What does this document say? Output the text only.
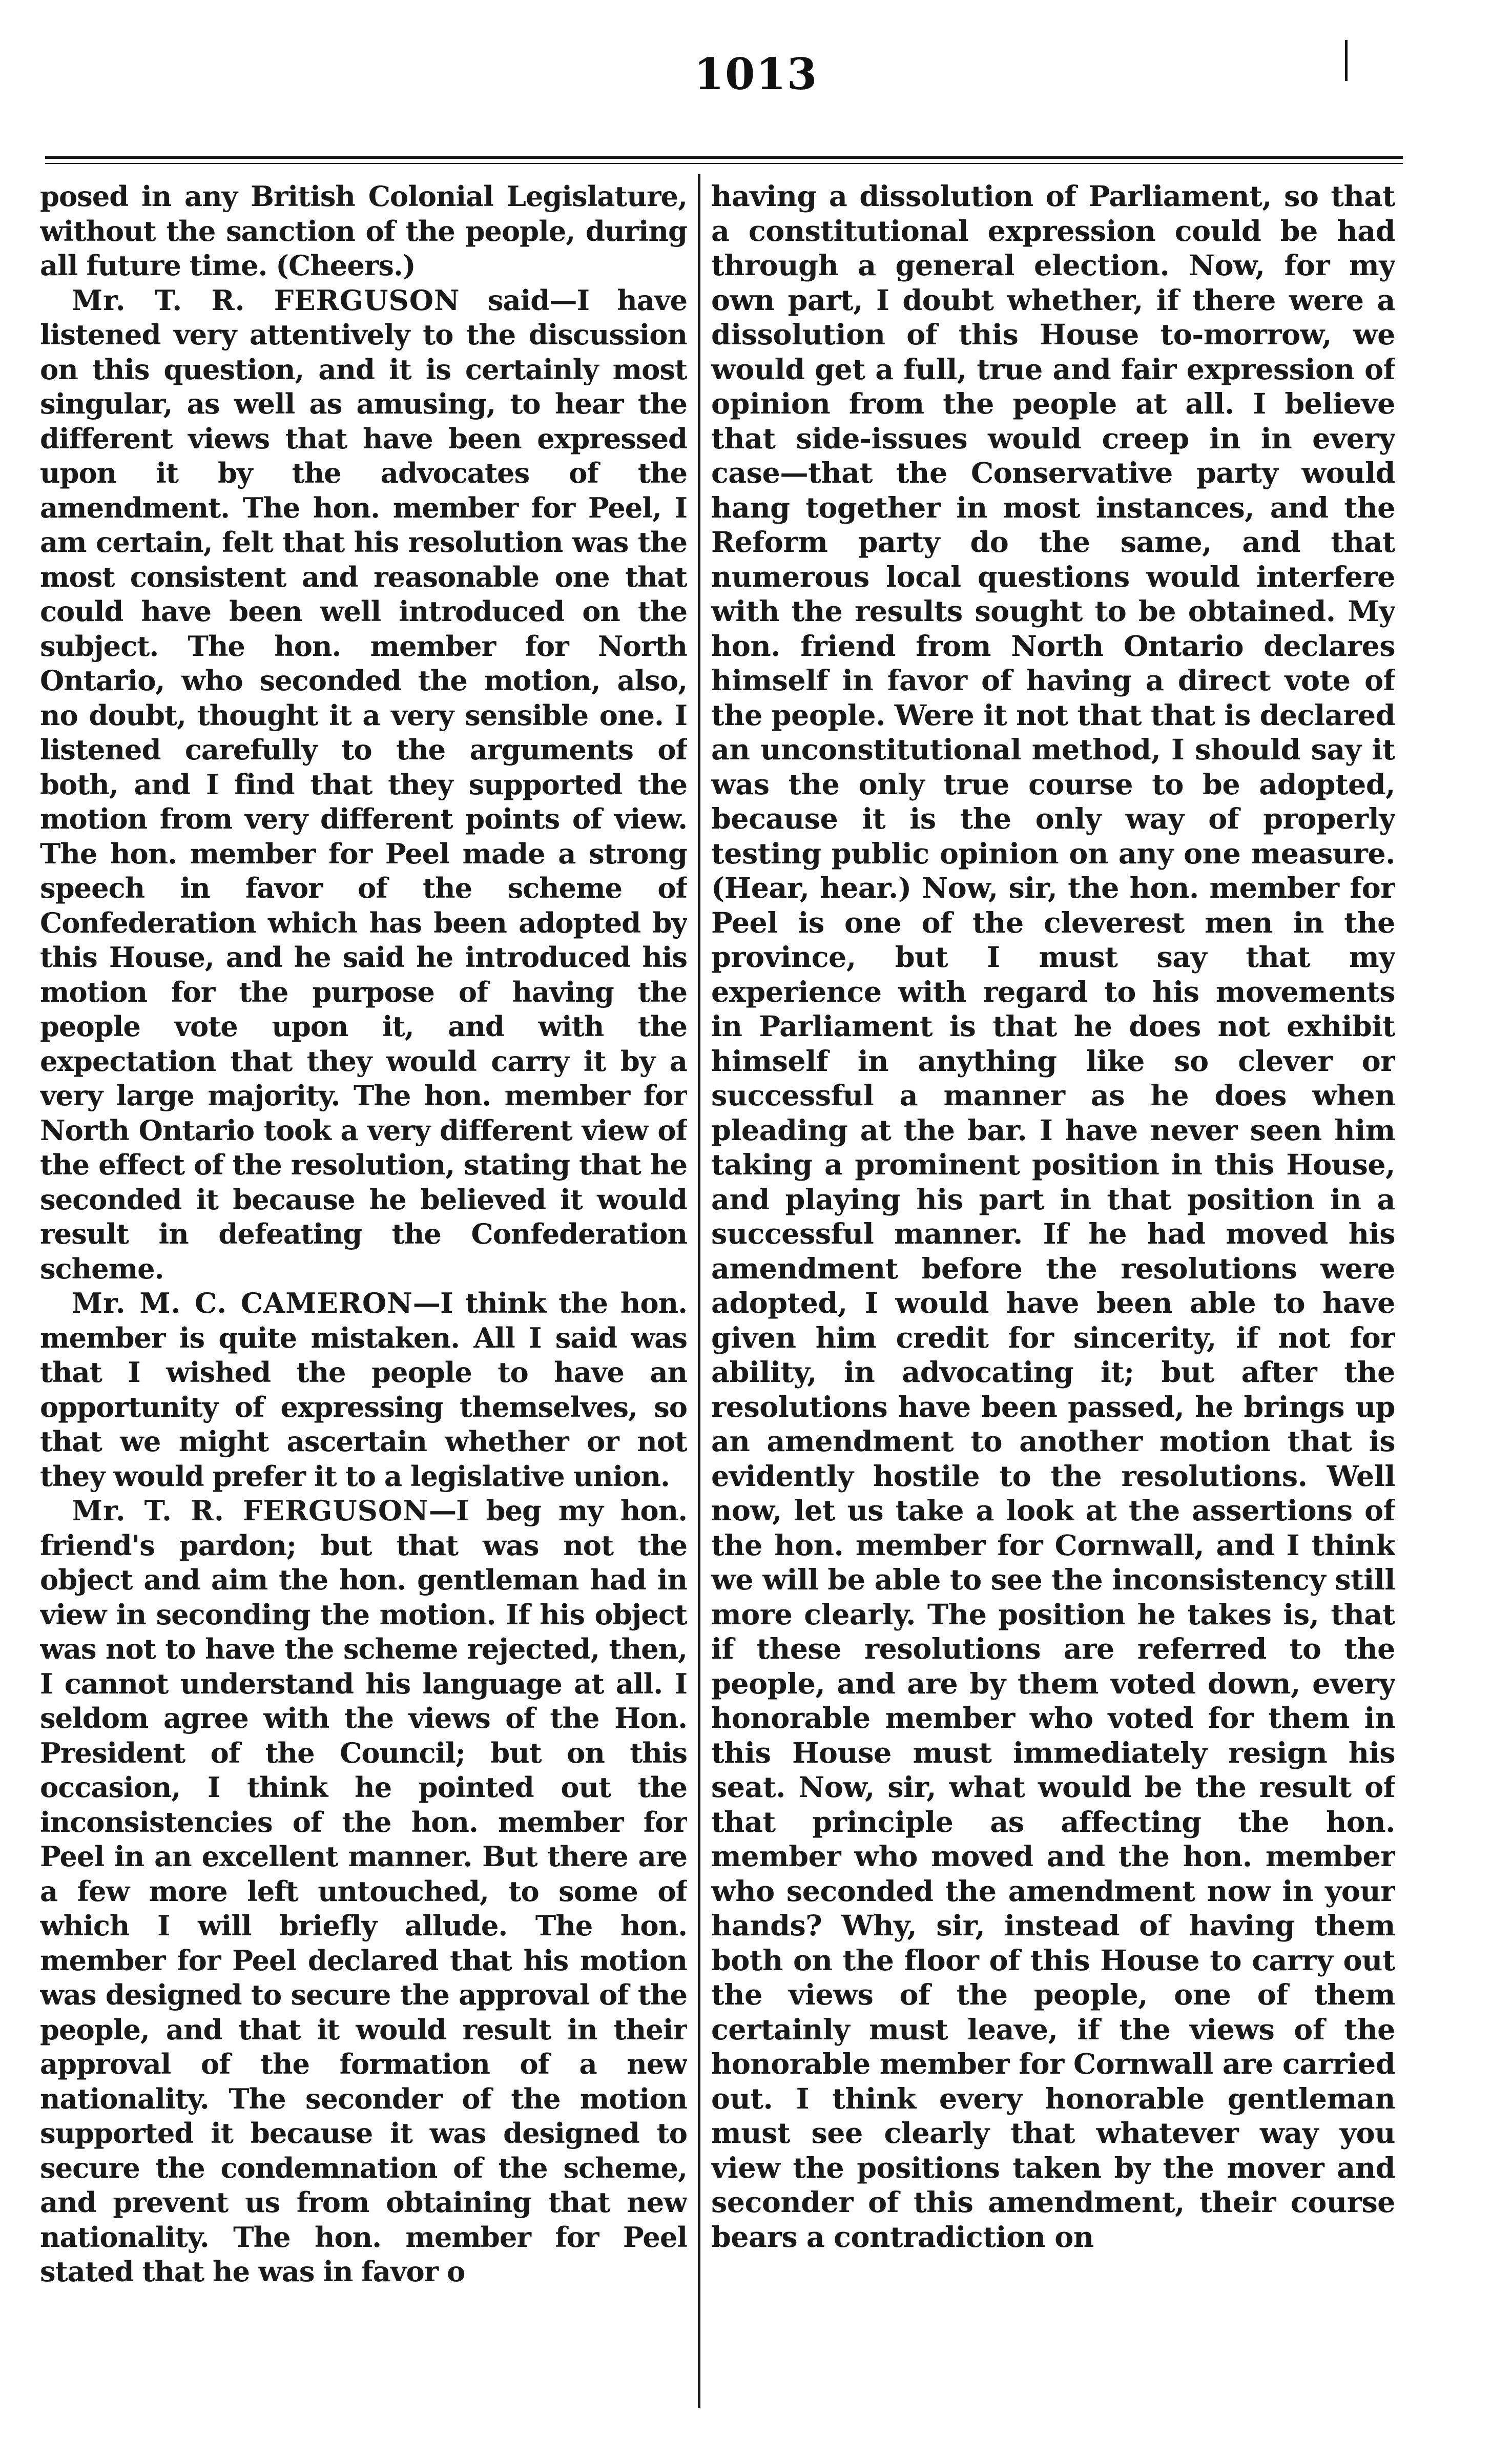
1013

posed in any British Colonial Legislature, without the sanction of the people, during all future time. (Cheers.)

Mr. T. R. FERGUSON said—I have listened very attentively to the discussion on this question, and it is certainly most singular, as well as amusing, to hear the different views that have been expressed upon it by the advocates of the amendment. The hon. member for Peel, I am certain, felt that his resolution was the most consistent and reasonable one that could have been well introduced on the subject. The hon. member for North Ontario, who seconded the motion, also, no doubt, thought it a very sensible one. I listened carefully to the arguments of both, and I find that they supported the motion from very different points of view. The hon. member for Peel made a strong speech in favor of the scheme of Confederation which has been adopted by this House, and he said he introduced his motion for the purpose of having the people vote upon it, and with the expectation that they would carry it by a very large majority. The hon. member for North Ontario took a very different view of the effect of the resolution, stating that he seconded it because he believed it would result in defeating the Confederation scheme.

Mr. M. C. CAMERON—I think the hon. member is quite mistaken. All I said was that I wished the people to have an opportunity of expressing themselves, so that we might ascertain whether or not they would prefer it to a legislative union.

Mr. T. R. FERGUSON—I beg my hon. friend's pardon; but that was not the object and aim the hon. gentleman had in view in seconding the motion. If his object was not to have the scheme rejected, then, I cannot understand his language at all. I seldom agree with the views of the Hon. President of the Council; but on this occasion, I think he pointed out the inconsistencies of the hon. member for Peel in an excellent manner. But there are a few more left untouched, to some of which I will briefly allude. The hon. member for Peel declared that his motion was designed to secure the approval of the people, and that it would result in their approval of the formation of a new nationality. The seconder of the motion supported it because it was designed to secure the condemnation of the scheme, and prevent us from obtaining that new nationality. The hon. member for Peel stated that he was in favor o

having a dissolution of Parliament, so that a constitutional expression could be had through a general election. Now, for my own part, I doubt whether, if there were a dissolution of this House to-morrow, we would get a full, true and fair expression of opinion from the people at all. I believe that side-issues would creep in in every case—that the Conservative party would hang together in most instances, and the Reform party do the same, and that numerous local questions would interfere with the results sought to be obtained. My hon. friend from North Ontario declares himself in favor of having a direct vote of the people. Were it not that that is declared an unconstitutional method, I should say it was the only true course to be adopted, because it is the only way of properly testing public opinion on any one measure. (Hear, hear.) Now, sir, the hon. member for Peel is one of the cleverest men in the province, but I must say that my experience with regard to his movements in Parliament is that he does not exhibit himself in anything like so clever or successful a manner as he does when pleading at the bar. I have never seen him taking a prominent position in this House, and playing his part in that position in a successful manner. If he had moved his amendment before the resolutions were adopted, I would have been able to have given him credit for sincerity, if not for ability, in advocating it; but after the resolutions have been passed, he brings up an amendment to another motion that is evidently hostile to the resolutions. Well now, let us take a look at the assertions of the hon. member for Cornwall, and I think we will be able to see the inconsistency still more clearly. The position he takes is, that if these resolutions are referred to the people, and are by them voted down, every honorable member who voted for them in this House must immediately resign his seat. Now, sir, what would be the result of that principle as affecting the hon. member who moved and the hon. member who seconded the amendment now in your hands? Why, sir, instead of having them both on the floor of this House to carry out the views of the people, one of them certainly must leave, if the views of the honorable member for Cornwall are carried out. I think every honorable gentleman must see clearly that whatever way you view the positions taken by the mover and seconder of this amendment, their course bears a contradiction on
